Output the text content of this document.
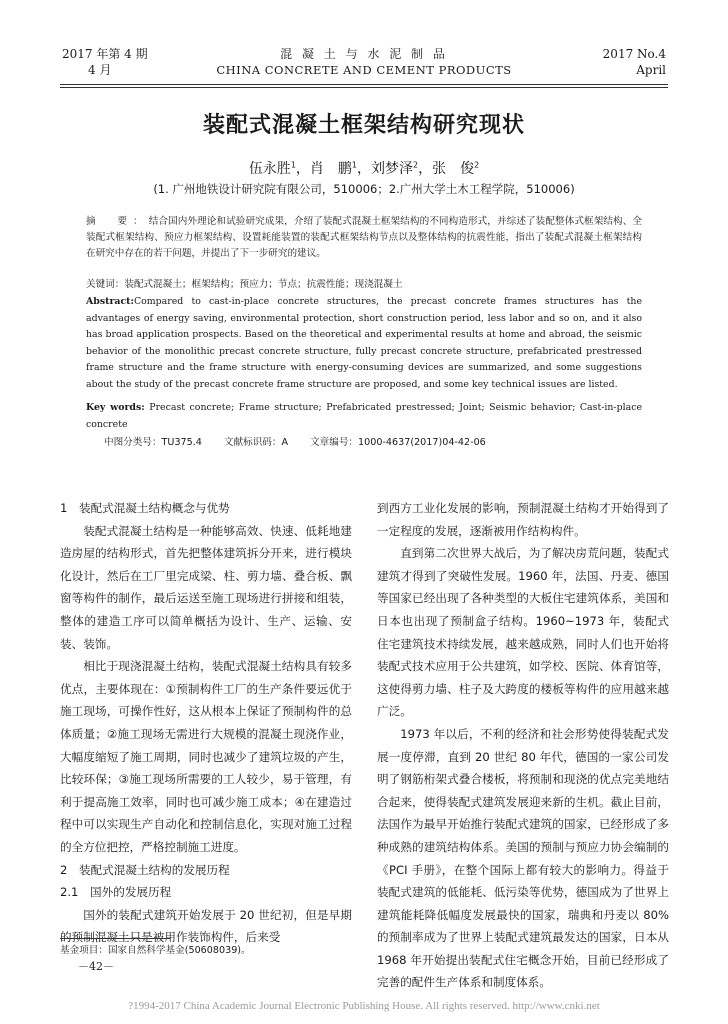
2017 年第 4 期
4 月
混 凝 土 与 水 泥 制 品
CHINA CONCRETE AND CEMENT PRODUCTS
2017 No.4
April
装配式混凝土框架结构研究现状
伍永胜$^1$，肖　鹏$^1$，刘梦泽$^2$，张　俊$^2$
(1. 广州地铁设计研究院有限公司，510006；2.广州大学土木工程学院，510006)
摘　要：结合国内外理论和试验研究成果，介绍了装配式混凝土框架结构的不同构造形式，并综述了装配整体式框架结构、全装配式框架结构、预应力框架结构、设置耗能装置的装配式框架结构节点以及整体结构的抗震性能，指出了装配式混凝土框架结构在研究中存在的若干问题，并提出了下一步研究的建议。
关键词：装配式混凝土；框架结构；预应力；节点；抗震性能；现浇混凝土
Abstract:Compared to cast-in-place concrete structures, the precast concrete frames structures has the advantages of energy saving, environmental protection, short construction period, less labor and so on, and it also has broad application prospects. Based on the theoretical and experimental results at home and abroad, the seismic behavior of the monolithic precast concrete structure, fully precast concrete structure, prefabricated prestressed frame structure and the frame structure with energy-consuming devices are summarized, and some suggestions about the study of the precast concrete frame structure are proposed, and some key technical issues are listed.
Key words: Precast concrete; Frame structure; Prefabricated prestressed; Joint; Seismic behavior; Cast-in-place concrete
中图分类号：TU375.4 文献标识码：A 文章编号：1000-4637(2017)04-42-06

1　装配式混凝土结构概念与优势

装配式混凝土结构是一种能够高效、快速、低耗地建造房屋的结构形式，首先把整体建筑拆分开来，进行模块化设计，然后在工厂里完成梁、柱、剪力墙、叠合板、飘窗等构件的制作，最后运送至施工现场进行拼接和组装，整体的建造工序可以简单概括为设计、生产、运输、安装、装饰。

相比于现浇混凝土结构，装配式混凝土结构具有较多优点，主要体现在：①预制构件工厂的生产条件要远优于施工现场，可操作性好，这从根本上保证了预制构件的总体质量；②施工现场无需进行大规模的混凝土现浇作业，大幅度缩短了施工周期，同时也减少了建筑垃圾的产生，比较环保；③施工现场所需要的工人较少，易于管理，有利于提高施工效率，同时也可减少施工成本；④在建造过程中可以实现生产自动化和控制信息化，实现对施工过程的全方位把控，严格控制施工进度。

2　装配式混凝土结构的发展历程

2.1　国外的发展历程

国外的装配式建筑开始发展于 20 世纪初，但是早期的预制混凝土只是被用作装饰构件，后来受

到西方工业化发展的影响，预制混凝土结构才开始得到了一定程度的发展，逐渐被用作结构构件。

直到第二次世界大战后，为了解决房荒问题，装配式建筑才得到了突破性发展。1960 年，法国、丹麦、德国等国家已经出现了各种类型的大板住宅建筑体系，美国和日本也出现了预制盒子结构。1960~1973 年，装配式住宅建筑技术持续发展，越来越成熟，同时人们也开始将装配式技术应用于公共建筑，如学校、医院、体育馆等，这使得剪力墙、柱子及大跨度的楼板等构件的应用越来越广泛。

1973 年以后，不利的经济和社会形势使得装配式发展一度停滞，直到 20 世纪 80 年代，德国的一家公司发明了钢筋桁架式叠合楼板，将预制和现浇的优点完美地结合起来，使得装配式建筑发展迎来新的生机。截止目前，法国作为最早开始推行装配式建筑的国家，已经形成了多种成熟的建筑结构体系。美国的预制与预应力协会编制的《PCI 手册》，在整个国际上都有较大的影响力。得益于装配式建筑的低能耗、低污染等优势，德国成为了世界上建筑能耗降低幅度发展最快的国家，瑞典和丹麦以 80% 的预制率成为了世界上装配式建筑最发达的国家，日本从 1968 年开始提出装配式住宅概念开始，目前已经形成了完善的配件生产体系和制度体系。

基金项目：国家自然科学基金(50608039)。
－42－
?1994-2017 China Academic Journal Electronic Publishing House. All rights reserved. http://www.cnki.net
